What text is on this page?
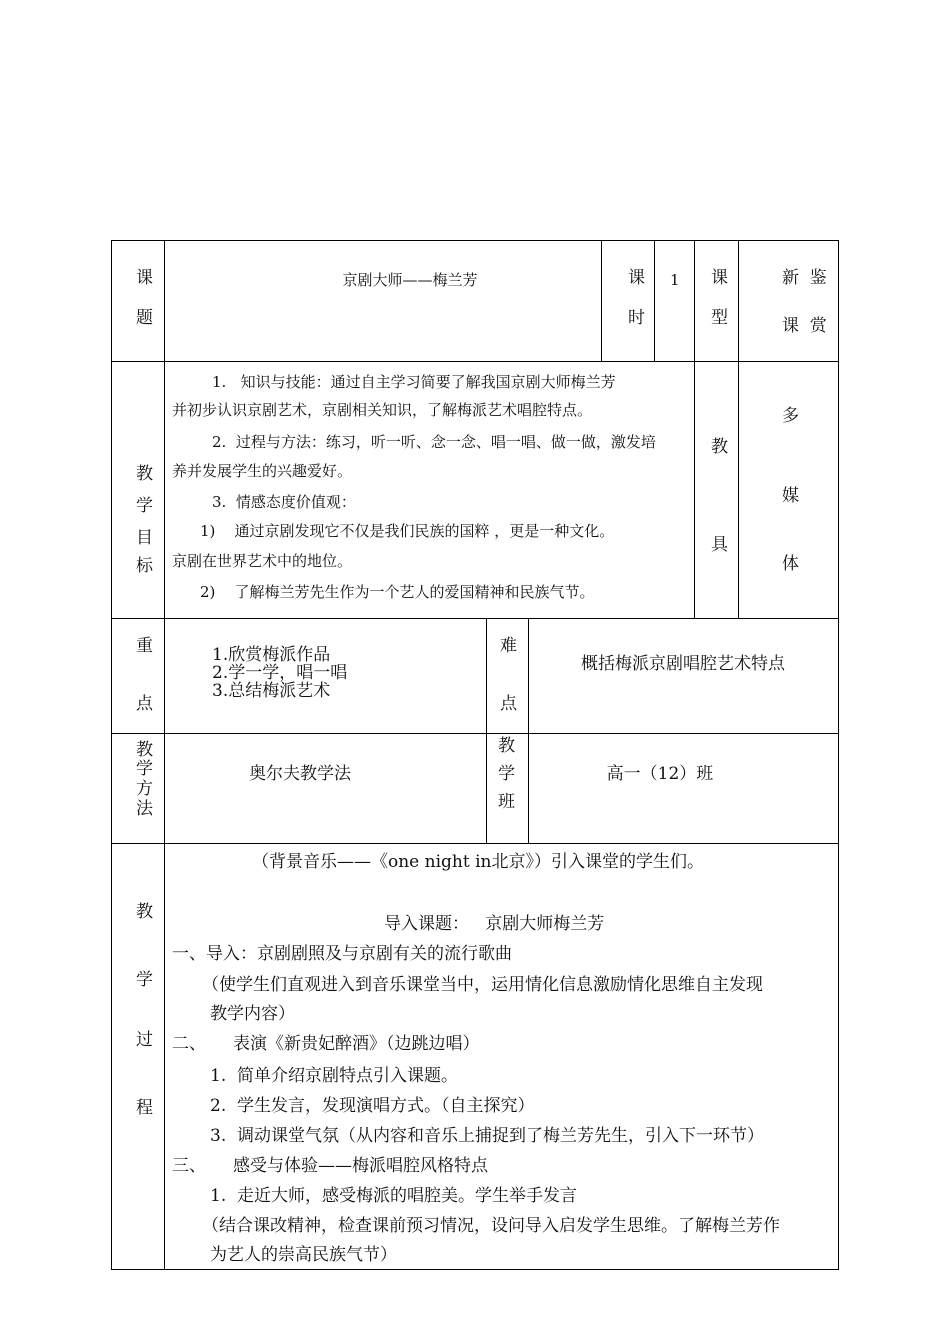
课
题
京剧大师——梅兰芳	课
时
1 课
型
新  鉴
课  赏
教
学
目
标
1.   知识与技能：通过自主学习简要了解我国京剧大师梅兰芳
并初步认识京剧艺术，京剧相关知识，了解梅派艺术唱腔特点。
2.  过程与方法：练习，听一听、念一念、唱一唱、做一做，激发培
养并发展学生的兴趣爱好。
3.  情感态度价值观：
1)    通过京剧发现它不仅是我们民族的国粹 ，更是一种文化。
京剧在世界艺术中的地位。
2)    了解梅兰芳先生作为一个艺人的爱国精神和民族气节。
教
具
多
媒
体
重
点
1.欣赏梅派作品
2.学一学，唱一唱
3.总结梅派艺术
难
点
概括梅派京剧唱腔艺术特点
教
学
方
法
奥尔夫教学法
教
学
班
高一（12）班
教
学
过
程
（背景音乐——《one night in北京》）引入课堂的学生们。
导入课题：   京剧大师梅兰芳
一、导入：京剧剧照及与京剧有关的流行歌曲
（使学生们直观进入到音乐课堂当中，运用情化信息激励情化思维自主发现
教学内容）
二、     表演《新贵妃醉酒》（边跳边唱）
1.  简单介绍京剧特点引入课题。
2.  学生发言，发现演唱方式。（自主探究）
3.  调动课堂气氛（从内容和音乐上捕捉到了梅兰芳先生，引入下一环节）
三、     感受与体验——梅派唱腔风格特点
1.  走近大师，感受梅派的唱腔美。学生举手发言
（结合课改精神，检查课前预习情况，设问导入启发学生思维。了解梅兰芳作
为艺人的崇高民族气节）
